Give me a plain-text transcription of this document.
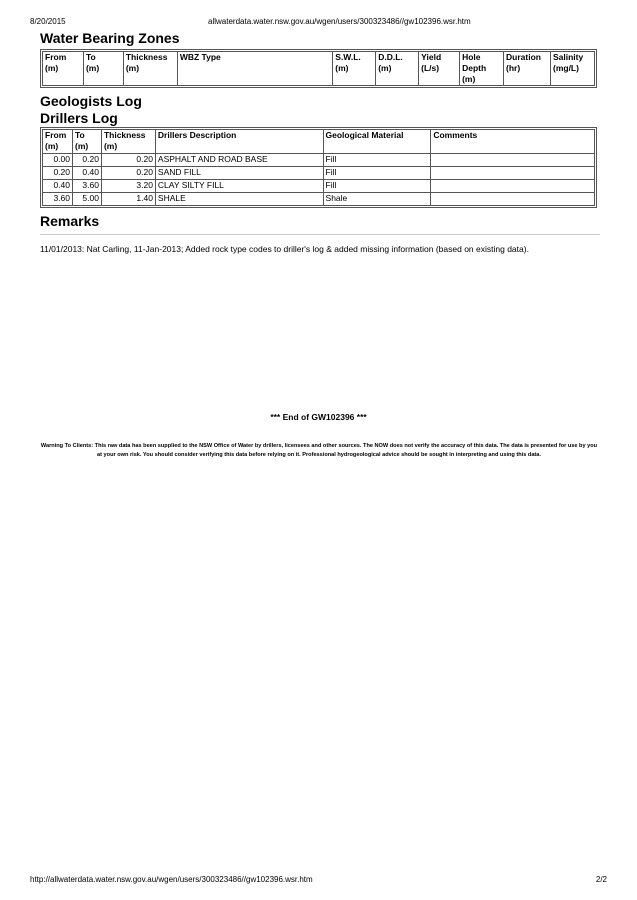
8/20/2015	allwaterdata.water.nsw.gov.au/wgen/users/300323486//gw102396.wsr.htm
Water Bearing Zones
From
(m)	To
(m)	Thickness
(m)	WBZ Type	S.W.L.
(m)	D.D.L.
(m)	Yield
(L/s)	Hole
Depth
(m)	Duration
(hr)	Salinity
(mg/L)
Geologists Log
Drillers Log
From
(m)	To
(m)	Thickness
(m)	Drillers Description	Geological Material	Comments
0.00	0.20	0.20	ASPHALT AND ROAD BASE	Fill	
0.20	0.40	0.20	SAND FILL	Fill	
0.40	3.60	3.20	CLAY SILTY FILL	Fill	
3.60	5.00	1.40	SHALE	Shale	
Remarks
11/01/2013: Nat Carling, 11-Jan-2013; Added rock type codes to driller's log & added missing information (based on existing data).
*** End of GW102396 ***
Warning To Clients: This raw data has been supplied to the NSW Office of Water by drillers, licensees and other sources. The NOW does not verify the accuracy of this data. The data is presented for use by you at your own risk. You should consider verifying this data before relying on it. Professional hydrogeological advice should be sought in interpreting and using this data.
http://allwaterdata.water.nsw.gov.au/wgen/users/300323486//gw102396.wsr.htm	2/2
